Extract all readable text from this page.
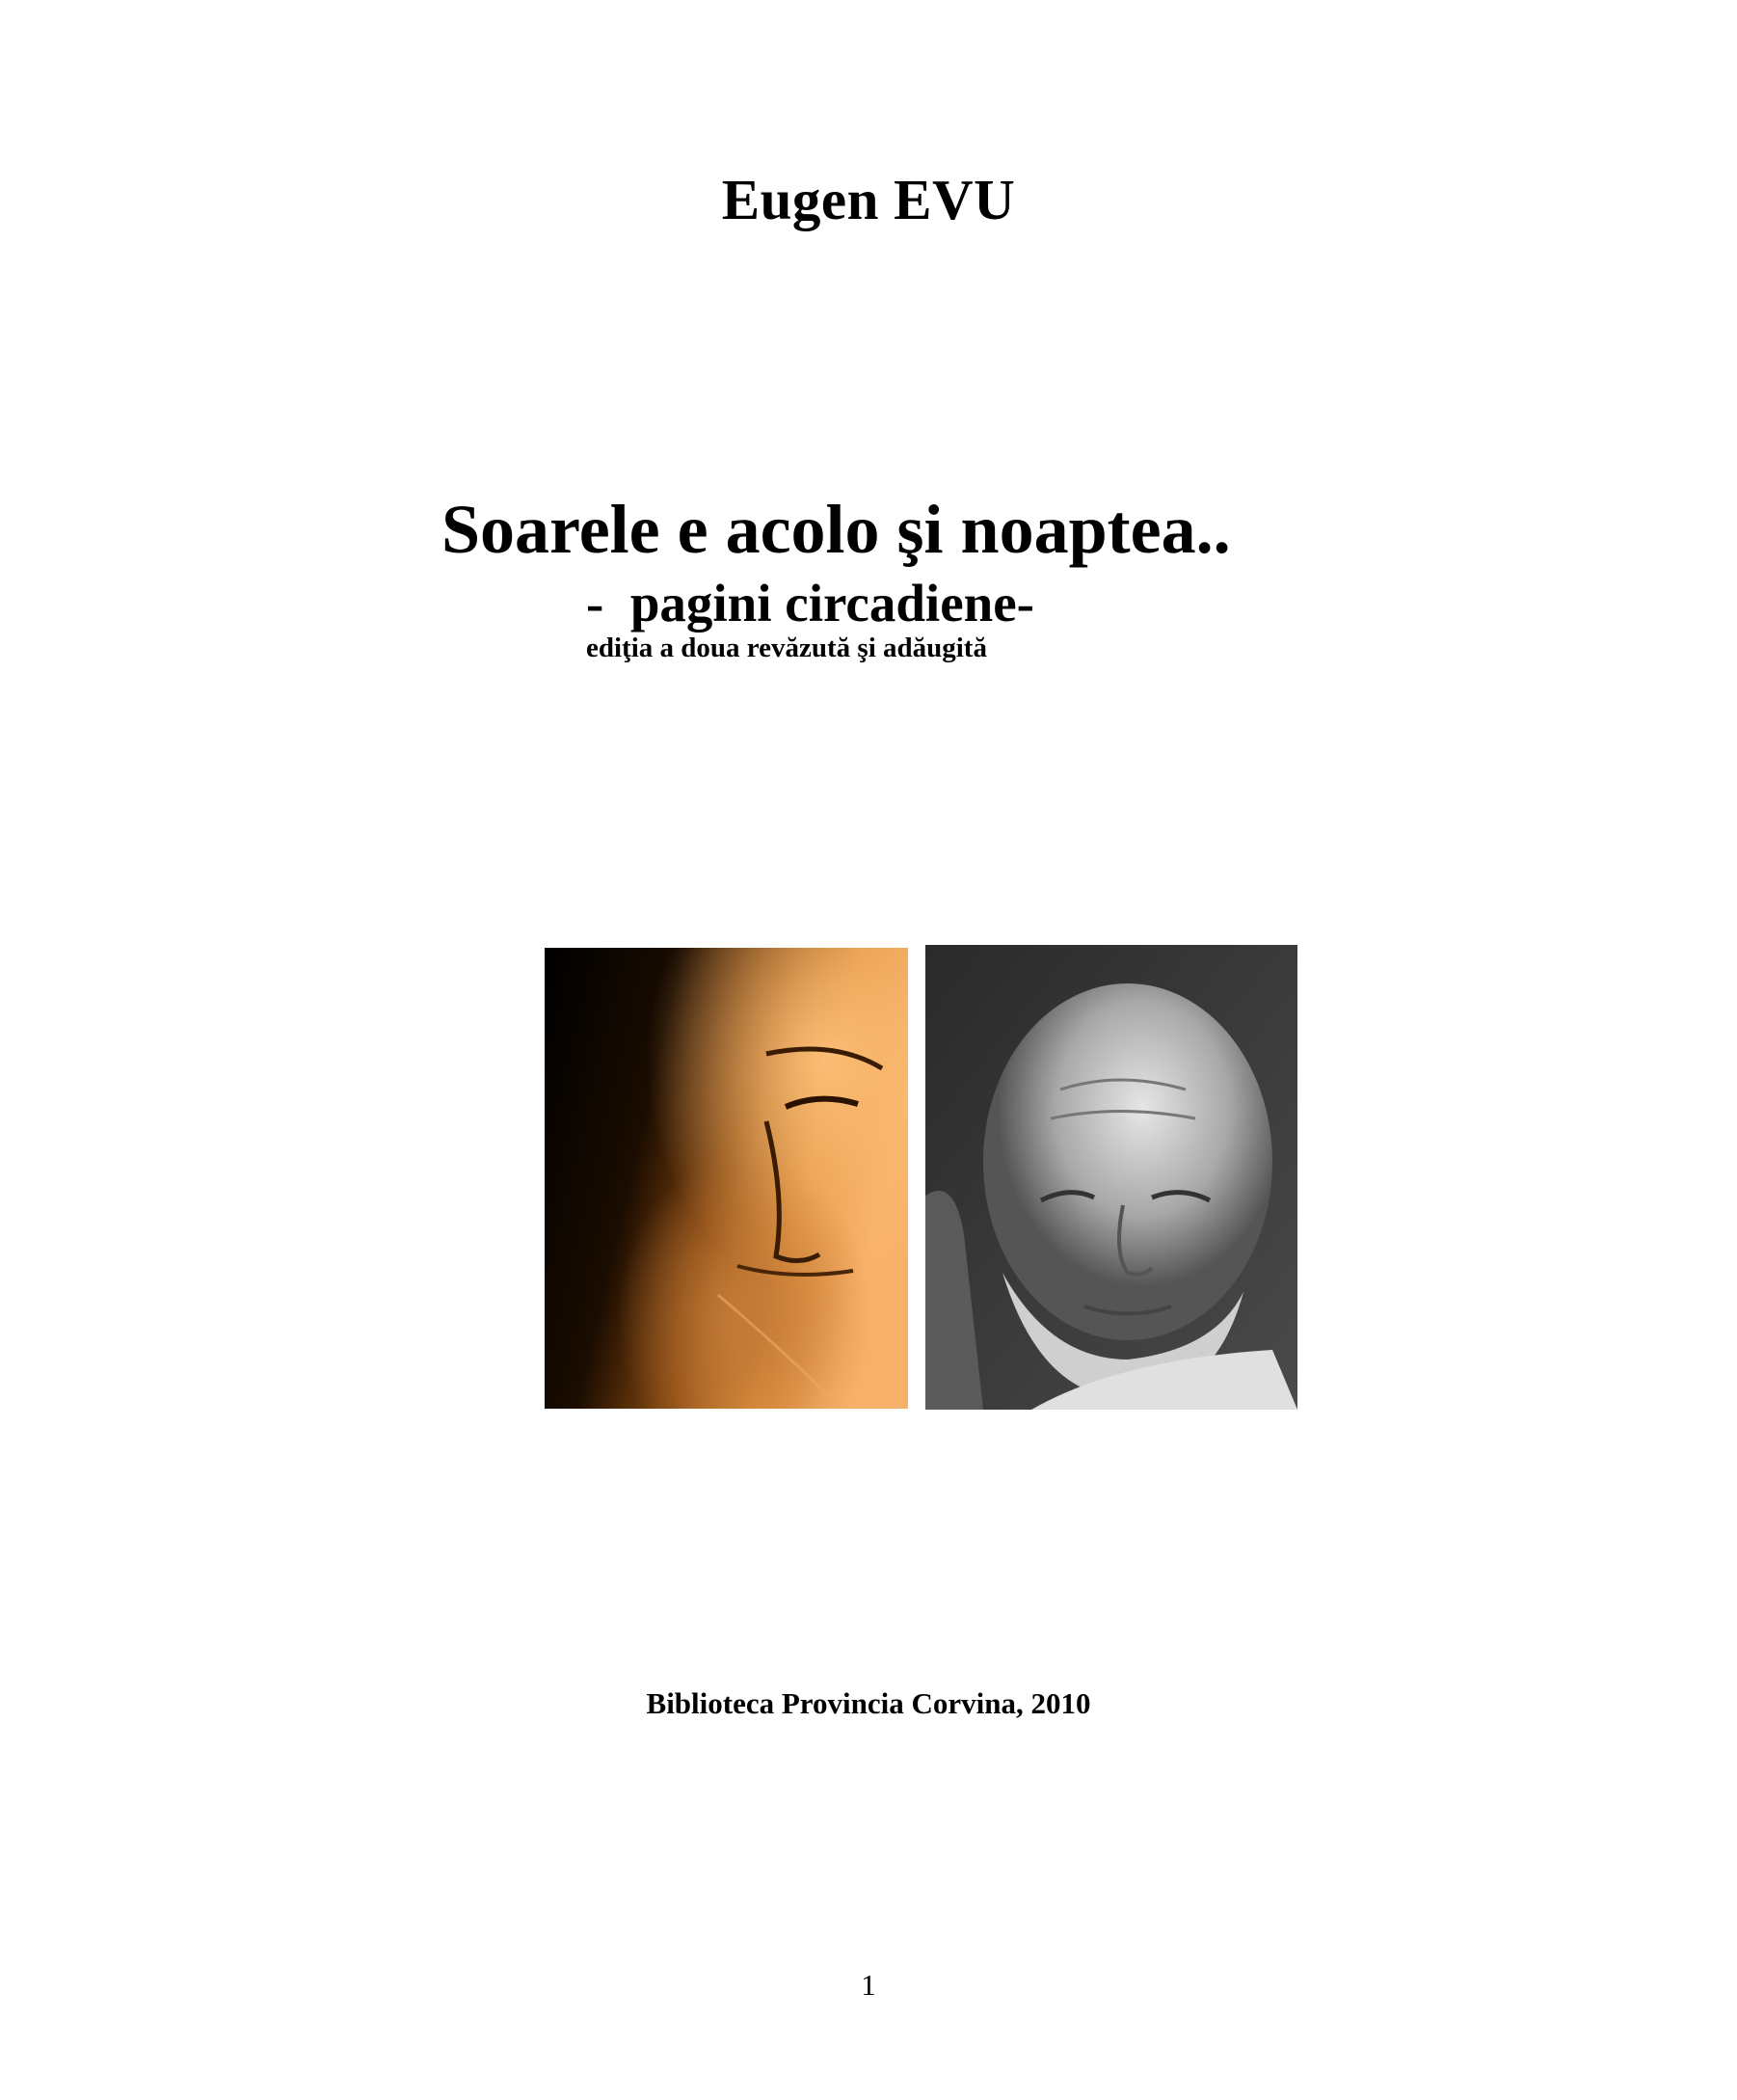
Eugen EVU
Soarele e acolo şi noaptea..
-  pagini circadiene-
ediţia a doua revăzută şi adăugită
Biblioteca Provincia Corvina, 2010
1
